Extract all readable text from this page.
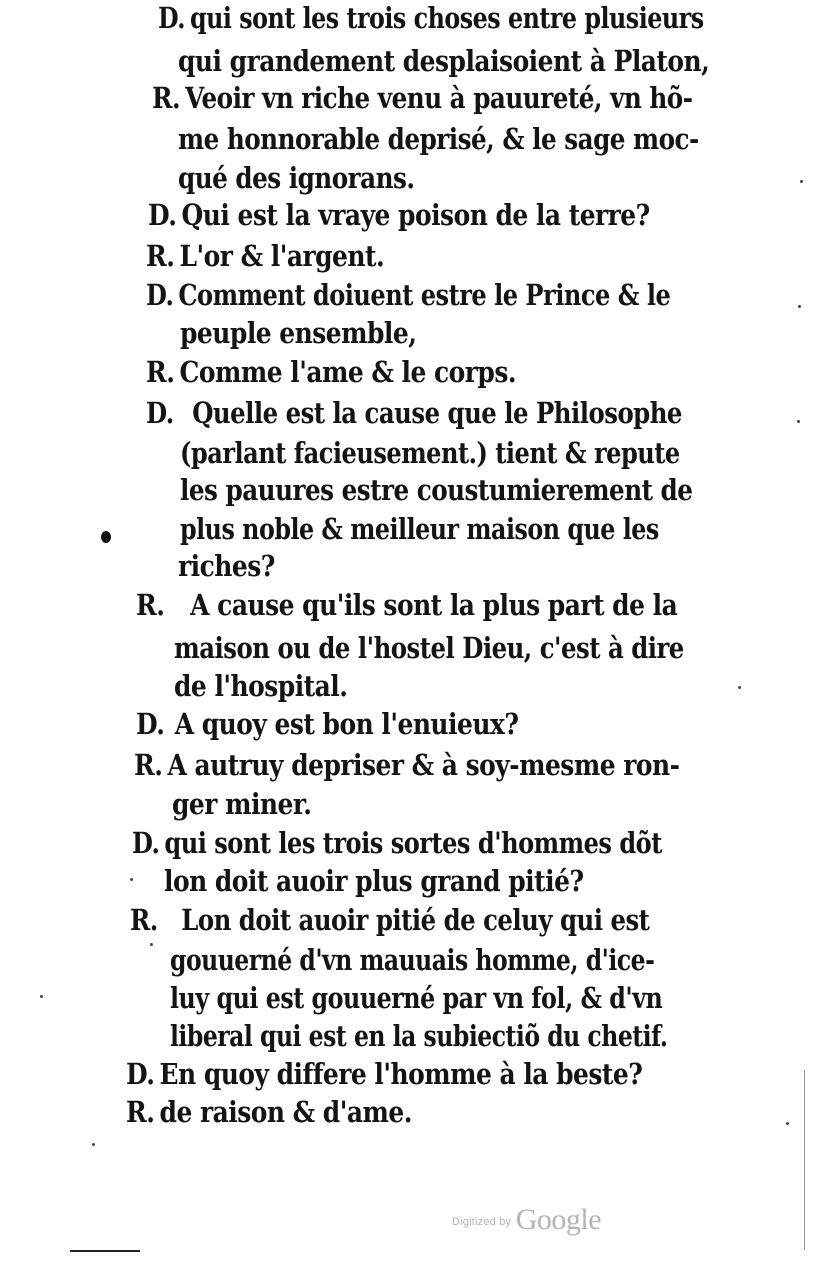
D. qui sont les trois choses entre plusieurs
qui grandement desplaisoient à Platon,
R. Veoir vn riche venu à pauureté, vn hõ-
me honnorable deprisé, & le sage moc-
qué des ignorans.
D. Qui est la vraye poison de la terre?
R. L'or & l'argent.
D. Comment doiuent estre le Prince & le
peuple ensemble,
R. Comme l'ame & le corps.
D. Quelle est la cause que le Philosophe
(parlant facieusement.) tient & repute
les pauures estre coustumierement de
plus noble & meilleur maison que les
riches?
R. A cause qu'ils sont la plus part de la
maison ou de l'hostel Dieu, c'est à dire
de l'hospital.
D. A quoy est bon l'enuieux?
R. A autruy depriser & à soy-mesme ron-
ger miner.
D. qui sont les trois sortes d'hommes dõt
lon doit auoir plus grand pitié?
R. Lon doit auoir pitié de celuy qui est
gouuerné d'vn mauuais homme, d'ice-
luy qui est gouuerné par vn fol, & d'vn
liberal qui est en la subiectiõ du chetif.
D. En quoy differe l'homme à la beste?
R. de raison & d'ame.
$^{Digitized by}$ Google
